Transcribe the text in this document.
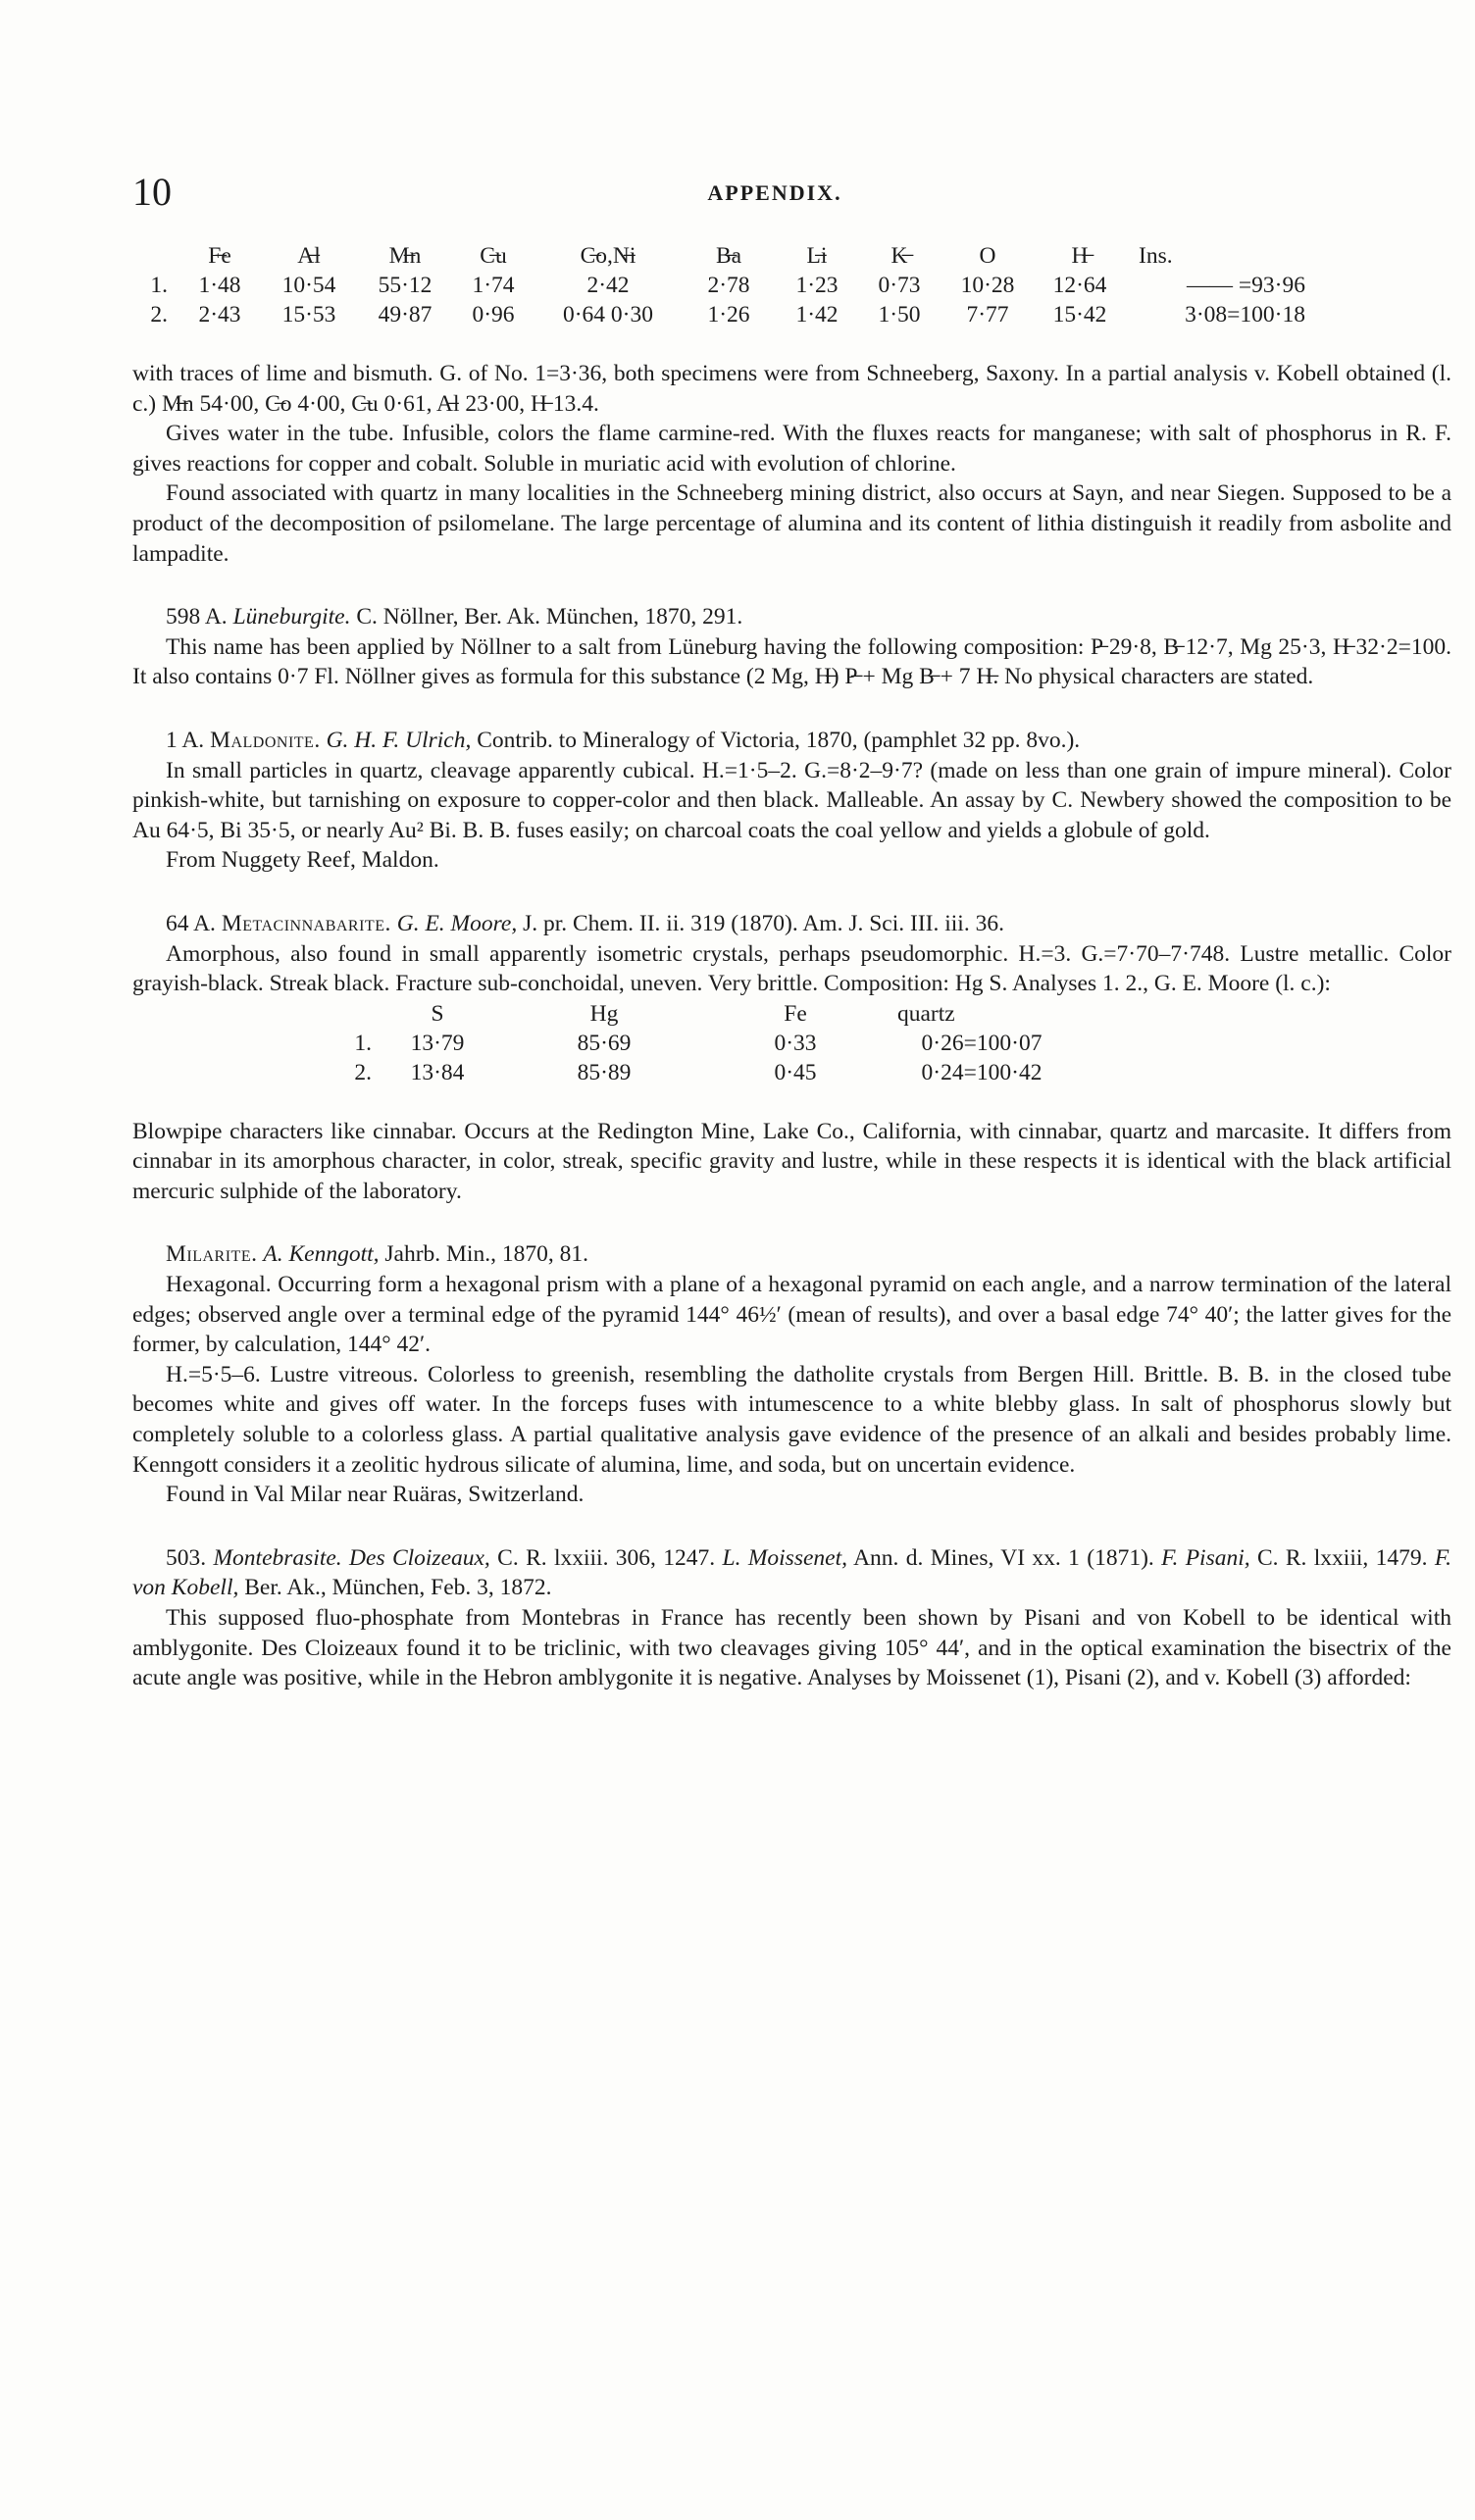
10	APPENDIX.
	F̶e	A̶l	M̶n	C̶u	C̶o,N̶i	B̶a	L̶i	K̶	O	H̶	Ins.
1.	1·48	10·54	55·12	1·74	2·42	2·78	1·23	0·73	10·28	12·64	—— =93·96
2.	2·43	15·53	49·87	0·96	0·64 0·30	1·26	1·42	1·50	7·77	15·42	3·08=100·18

with traces of lime and bismuth. G. of No. 1=3·36, both specimens were from Schneeberg, Saxony. In a partial analysis v. Kobell obtained (l. c.) M̶n 54·00, C̶o 4·00, C̶u 0·61, A̶l 23·00, H̶ 13.4.

Gives water in the tube. Infusible, colors the flame carmine-red. With the fluxes reacts for manganese; with salt of phosphorus in R. F. gives reactions for copper and cobalt. Soluble in muriatic acid with evolution of chlorine.

Found associated with quartz in many localities in the Schneeberg mining district, also occurs at Sayn, and near Siegen. Supposed to be a product of the decomposition of psilomelane. The large percentage of alumina and its content of lithia distinguish it readily from asbolite and lampadite.

598 A. Lüneburgite. C. Nöllner, Ber. Ak. München, 1870, 291.

This name has been applied by Nöllner to a salt from Lüneburg having the following composition: P̶ 29·8, B̶ 12·7, Mg 25·3, H̶ 32·2=100. It also contains 0·7 Fl. Nöllner gives as formula for this substance (2 Mg, H̶) P̶ + Mg B̶ + 7 H̶. No physical characters are stated.

1 A. Maldonite. G. H. F. Ulrich, Contrib. to Mineralogy of Victoria, 1870, (pamphlet 32 pp. 8vo.).

In small particles in quartz, cleavage apparently cubical. H.=1·5–2. G.=8·2–9·7? (made on less than one grain of impure mineral). Color pinkish-white, but tarnishing on exposure to copper-color and then black. Malleable. An assay by C. Newbery showed the composition to be Au 64·5, Bi 35·5, or nearly Au² Bi. B. B. fuses easily; on charcoal coats the coal yellow and yields a globule of gold.

From Nuggety Reef, Maldon.

64 A. Metacinnabarite. G. E. Moore, J. pr. Chem. II. ii. 319 (1870). Am. J. Sci. III. iii. 36.

Amorphous, also found in small apparently isometric crystals, perhaps pseudomorphic. H.=3. G.=7·70–7·748. Lustre metallic. Color grayish-black. Streak black. Fracture sub-conchoidal, uneven. Very brittle. Composition: Hg S. Analyses 1. 2., G. E. Moore (l. c.):

	S	Hg	Fe	quartz
1.	13·79	85·69	0·33	0·26=100·07
2.	13·84	85·89	0·45	0·24=100·42

Blowpipe characters like cinnabar. Occurs at the Redington Mine, Lake Co., California, with cinnabar, quartz and marcasite. It differs from cinnabar in its amorphous character, in color, streak, specific gravity and lustre, while in these respects it is identical with the black artificial mercuric sulphide of the laboratory.

Milarite. A. Kenngott, Jahrb. Min., 1870, 81.

Hexagonal. Occurring form a hexagonal prism with a plane of a hexagonal pyramid on each angle, and a narrow termination of the lateral edges; observed angle over a terminal edge of the pyramid 144° 46½′ (mean of results), and over a basal edge 74° 40′; the latter gives for the former, by calculation, 144° 42′.

H.=5·5–6. Lustre vitreous. Colorless to greenish, resembling the datholite crystals from Bergen Hill. Brittle. B. B. in the closed tube becomes white and gives off water. In the forceps fuses with intumescence to a white blebby glass. In salt of phosphorus slowly but completely soluble to a colorless glass. A partial qualitative analysis gave evidence of the presence of an alkali and besides probably lime. Kenngott considers it a zeolitic hydrous silicate of alumina, lime, and soda, but on uncertain evidence.

Found in Val Milar near Ruäras, Switzerland.

503. Montebrasite. Des Cloizeaux, C. R. lxxiii. 306, 1247. L. Moissenet, Ann. d. Mines, VI xx. 1 (1871). F. Pisani, C. R. lxxiii, 1479. F. von Kobell, Ber. Ak., München, Feb. 3, 1872.

This supposed fluo-phosphate from Montebras in France has recently been shown by Pisani and von Kobell to be identical with amblygonite. Des Cloizeaux found it to be triclinic, with two cleavages giving 105° 44′, and in the optical examination the bisectrix of the acute angle was positive, while in the Hebron amblygonite it is negative. Analyses by Moissenet (1), Pisani (2), and v. Kobell (3) afforded:
